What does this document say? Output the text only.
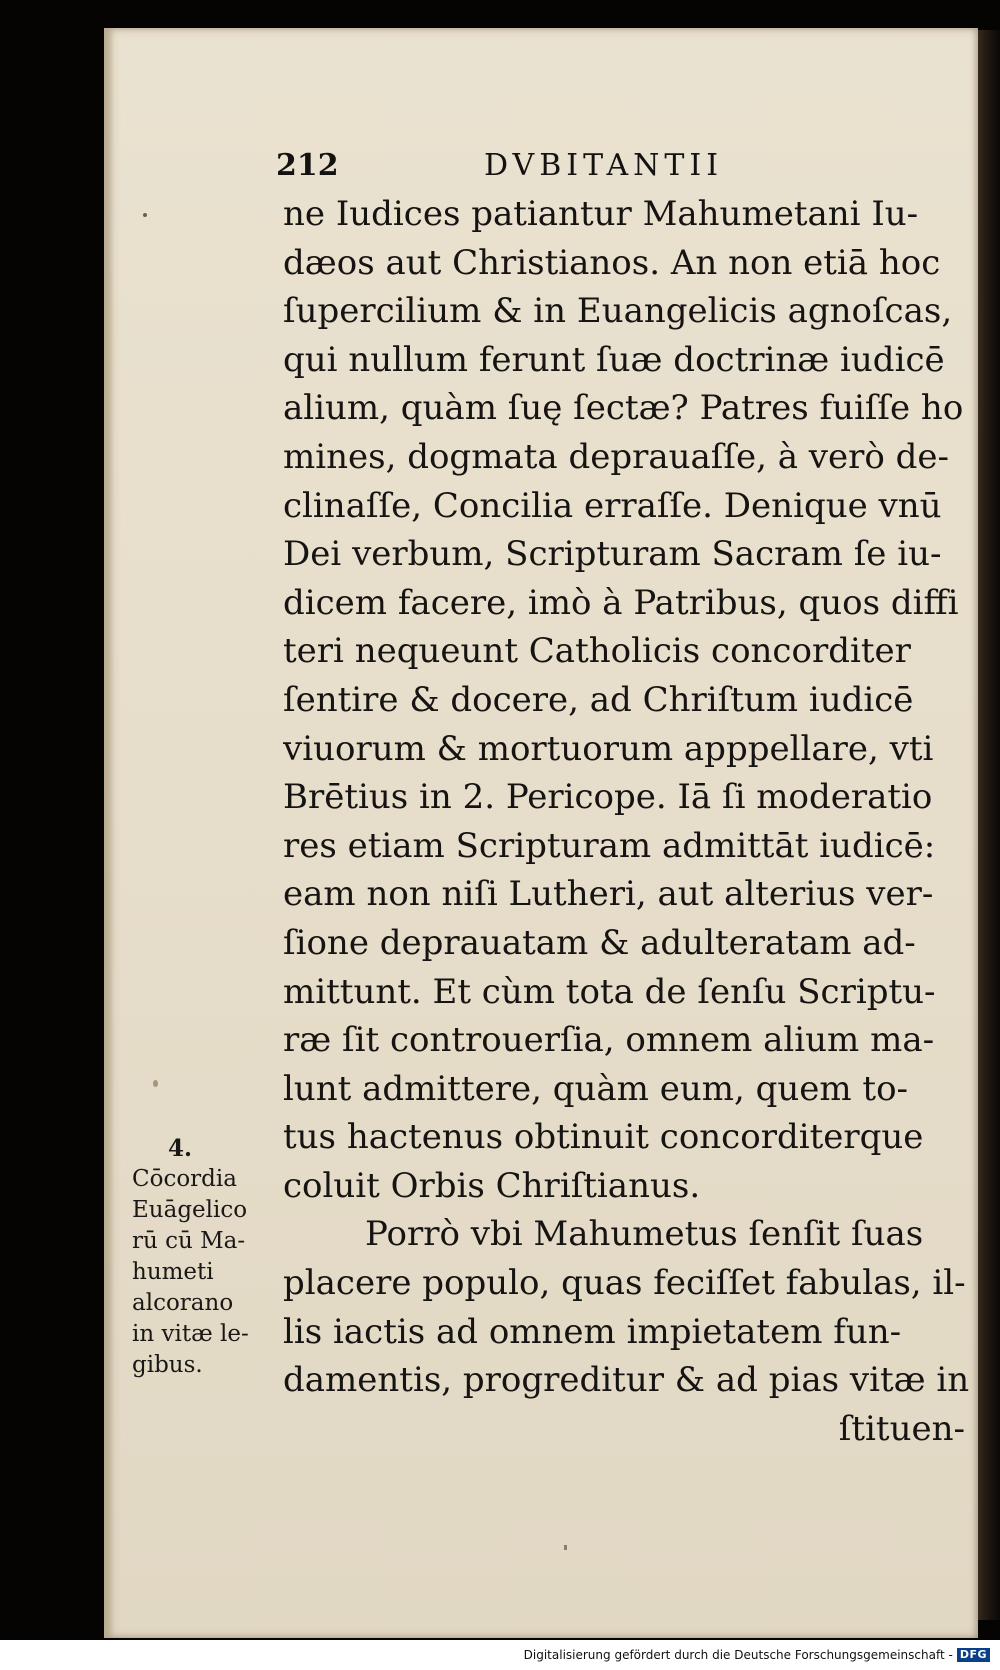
212	DVBITANTII
ne Iudices patiantur Mahumetani Iu-
dæos aut Christianos. An non etiā hoc
ſupercilium & in Euangelicis agnoſcas,
qui nullum ferunt ſuæ doctrinæ iudicē
alium, quàm ſuę ſectæ? Patres fuiſſe ho
mines, dogmata deprauaſſe, à verò de-
clinaſſe, Concilia erraſſe. Denique vnū
Dei verbum, Scripturam Sacram ſe iu-
dicem facere, imò à Patribus, quos diffi
teri nequeunt Catholicis concorditer
ſentire & docere, ad Chriſtum iudicē
viuorum & mortuorum apppellare, vti
Brētius in 2. Pericope. Iā ſi moderatio
res etiam Scripturam admittāt iudicē:
eam non niſi Lutheri, aut alterius ver-
ſione deprauatam & adulteratam ad-
mittunt. Et cùm tota de ſenſu Scriptu-
ræ ſit controuerſia, omnem alium ma-
lunt admittere, quàm eum, quem to-
tus hactenus obtinuit concorditerque
coluit Orbis Chriſtianus.
Porrò vbi Mahumetus ſenſit ſuas
placere populo, quas feciſſet fabulas, il-
lis iactis ad omnem impietatem fun-
damentis, progreditur & ad pias vitæ in
ſtituen-
4.
Cōcordia
Euāgelico
rū cū Ma-
humeti
alcorano
in vitæ le-
gibus.
Digitalisierung gefördert durch die Deutsche Forschungsgemeinschaft - DFG
